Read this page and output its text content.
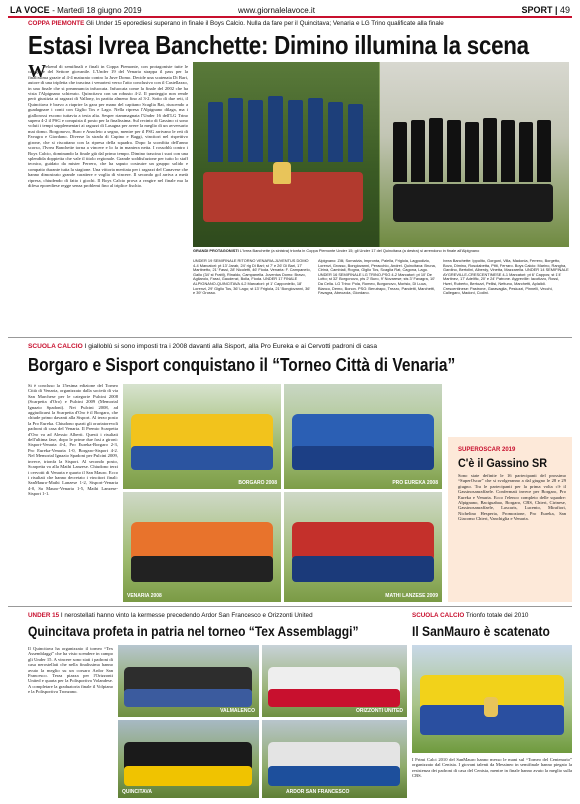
LA VOCE - Martedì 18 giugno 2019	www.giornalelavoce.it	SPORT | 49
COPPA PIEMONTE Gli Under 15 eporediesi superano in finale il Boys Calcio. Nulla da fare per il Quincitava; Venaria e LG Trino qualificate alla finale
Estasi Ivrea Banchette: Dimino illumina la scena
W
eekend di semifinali e finali in Coppa Piemonte, con protagoniste tutte le categorie del Settore giovanile. L'Under 19 del Venaria strappa il pass per la finalissima grazie al 4-4 maturato contro la Juve Domo. Decide una scatenata Di Bari, autore di una tripletta che trascina i venariesi verso l'atto conclusivo con il Castellazzo, in una finale che si preannuncia infuocata. Infuocata come la finale del 2002 che ha vista l'Alpignano schierato. Quincitava con un robusto 4-2. Il punteggio non rende però giustizia ai ragazzi di Vallony, in partita almeno fino al 3-2. Sotto di due reti, il Quincitava è bravo a riaprire la gara per mano del capitano Scaglia Rat, riuscendo a guadagnare i conti con Giglio Tos e Lago. Nella ripresa l'Alpignano dilaga, ma i giallorossi escono tuttavia a testa alta. Sesper riammagnata l'Under 16 dell'LG Trino supera 4-2 il PSG e conquista il posto per la finalissima. Sul recinto di Gassino ci sono voluti i tempi supplementari ai ragazzi di Lasagna per avere la meglio di un avversario mai domo. Borgonovo, Buro e Anacleto a segno, mentre per il PSG arrivano le reti di Favagra e Giordano. Diverse la strada di Cupino e Baggi, vincitori nel rispettivo girone, che si riscattano con la ripresa della squadra. Dopo la sconfitta dell'anno scorso, l'Ivrea Banchette torna a vincere e lo fa in maniera netta. I rossoblù contro i Boys Calcio, dominando la finale già dal primo tempo. Dimino trascina i suoi con una splendida doppietta che vale il titolo regionale. Grande soddisfazione per tutto lo staff tecnico, guidato da mister Ferrero, che ha saputo costruire un gruppo solido e compatto durante tutta la stagione. Una vittoria meritata per i ragazzi del Canavese che hanno dimostrato grande carattere e voglia di vincere. Il secondo gol arriva a metà ripresa, chiudendo di fatto i giochi. Il Boys Calcio prova a reagire nel finale ma la difesa eporediese regge senza problemi fino al triplice fischio.
GRANDI PROTAGONISTI L'Ivrea Banchette (a sinistra) trionfa in Coppa Piemonte Under 15; gli Under 17 del Quincitava (a destra) si arrendono in finale all'Alpignano
UNDER 19 SEMIFINALE RITORNO VENARIA-JUVENTUS DOMO 4-4 Marcatori: pt 13' Jarab, 24' rig Di Bari; st 7' e 26' Di Bari, 17' Martinetto, 21' Fassi, 28' Nicoletti, 46' Fioda. Venaria: F. Campanelo, Gallo (34' st Fratti), Rinaldo, Campanella. Juventus Domo: Bravo, Agliarolo, Fassi, Gaudenzi, Bolla, Fioda. UNDER 17 FINALE ALPIGNANO-QUINCITAVA 4-2 Marcatori: pt 1' Capponiello, 18' Lorenzi, 29' Giglio Tos, 36' Lago; st 13' Frigiola, 21' Bongiovanni, 36' e 39' Grosso.
Alpignano: Zilli, Sornalvia, Impronta, Palella, Frigiola, Lagpodizio, Lorenzi, Grosso, Bongiovanni, Peracchio, Andrei. Quincitava: Bruna, Cirinà, Cambiali, Rogna, Giglio Tos, Scaglia Rat, Cagona, Lago. UNDER 16 SEMIFINALE LG TRINO-PSG 4-2 Marcatori: pt 10' De Lotto; st 32' Borgonovo, pts 2' Buro, 9' Novarese; sts 3' Favagra, 10' Da Cella. LG Trino: Pola, Romeo, Borgonovo, Morisio, Di Luca, Bianco, Demo, Bonon. PSG: Berutrapo, Trezzo, Pandetti, Marchetti, Favagra, Abeozola, Giordano.
Ivrea Banchette: Ippolito, Gorgoni, Villa, Madonia, Ferrero, Borgetto, Bovo, Dimino, Rosolabetta, Pitti, Ferraro. Boys Calcio: Marino, Rangha, Gardino, Bertolini, Alberdy, Vinetta, Mazzarella. UNDER 14 SEMIFINALE AYGREVILLE-CRESCENTINESE 4-1 Marcatori: pt 6' Cappos; st 1'4' Martinez, 17' Adelific, 20' e 24' Patrone. Aygreville: Iacotizzo, Rossi, Hwei, Ruberto, Bertozzi, Pellisi, Nettuno, Marchetti, Aplalidi. Crescentinese: Pastrone, Garavaglia, Pesiuzzi, Pinnelli, Vecchi, Callegaro, Madoni, Codini.
SCUOLA CALCIO I gialloblù si sono imposti tra i 2008 davanti alla Sisport, alla Pro Eureka e ai Cervotti padroni di casa
Borgaro e Sisport conquistano il “Torneo Città di Venaria”
Si è concluso la 15esima edizione del Torneo Città di Venaria, organizzato dalla società di via San Marchese per le categorie Pulcini 2008 (Scarpetta d'Oro) e Pulcini 2009 (Memorial Ignazio Spadoni). Nei Pulcini 2008, ad aggiudicarsi la Scarpetta d'Oro è il Borgaro, che chiude primo davanti alla Sisport. Al terzo posto la Pro Eureka. Chiudono quarti gli orariatorevoli padroni di casa del Venaria. Il Premio Scarpetta d'Oro va ad Alessio Alberti. Questi i risultati dell'ultima fase, dopo le prime due fasi a gironi: Sisport-Venaria 4-4, Pro Eureka-Borgaro 2-3, Pro Eureka-Venaria 1-0, Borgaro-Sisport 4-2. Nel Memorial Ignazio Spadoni per Pulcini 2009, invece, trionfa la Sisport. Al secondo posto, Scarpetta va alla Mathi Lanzese. Chiudono terzi i cervotti di Venaria e quarto il San Mauro. Ecco i risultati che hanno decretato i vincitori finali: SanMauro-Mathi Lanzese 1-2, Sisport-Venaria 4-0, Sa Mauro-Venaria 1-5, Mathi Lanzese-Sisport 1-1.
BORGARO 2008	PRO EUREKA 2008
VENARIA 2008	MATHI LANZESE 2009
SUPEROSCAR 2019
C'è il Gassino SR
Sono state definite le 16 partecipanti del prossimo “SuperOscar” che si svolgeranno a dal giugno le 28 e 29 giugno. Tra le partecipanti per la prima volta c'è il Gassinosanraffaele. Confermati invece per Borgaro, Pro Eureka e Venaria. Ecco l'elenco completo delle squadre: Alpignano, Baciguabao, Borgaro, CBS, Chieri, Cirinese, Gassinosanraffaele, Lascaris, Lucento, Mirafiori, Nichelino Hesperia, Promozione, Pro Eureka, San Giacomo Chieri, Vanchiglia e Venaria.
UNDER 15 I nerostellati hanno vinto la kermesse precedendo Ardor San Francesco e Orizzonti United
Quincitava profeta in patria nel torneo “Tex Assemblaggi”
Il Quincitava ha organizzato il torneo “Tex Assemblaggi” che ha visto scendere in campo gli Under 15. A vincere sono stati i padroni di casa nerostellati che nella finalissima hanno avuto la meglio su un corsaro Ardor San Francesco. Terza piazza per l'Orizzonti United e quarta per la Polisportiva Volandese. A completare la graduatoria finale il Volpiano e la Polisportiva Tronzano.
VALMALENCO	ORIZZONTI UNITED
QUINCITAVA	ARDOR SAN FRANCESCO
SCUOLA CALCIO Trionfo totale dei 2010
Il SanMauro è scatenato
I Primi Calci 2010 del SanMauro hanno messo le mani sul “Torneo del Centenario” organizzato dal Cenisia. I giovani talenti da Messineo in semifinale hanno piegato la resistenza dei padroni di casa del Cenisia, mentre in finale hanno avuto la meglio sulla CBS.
